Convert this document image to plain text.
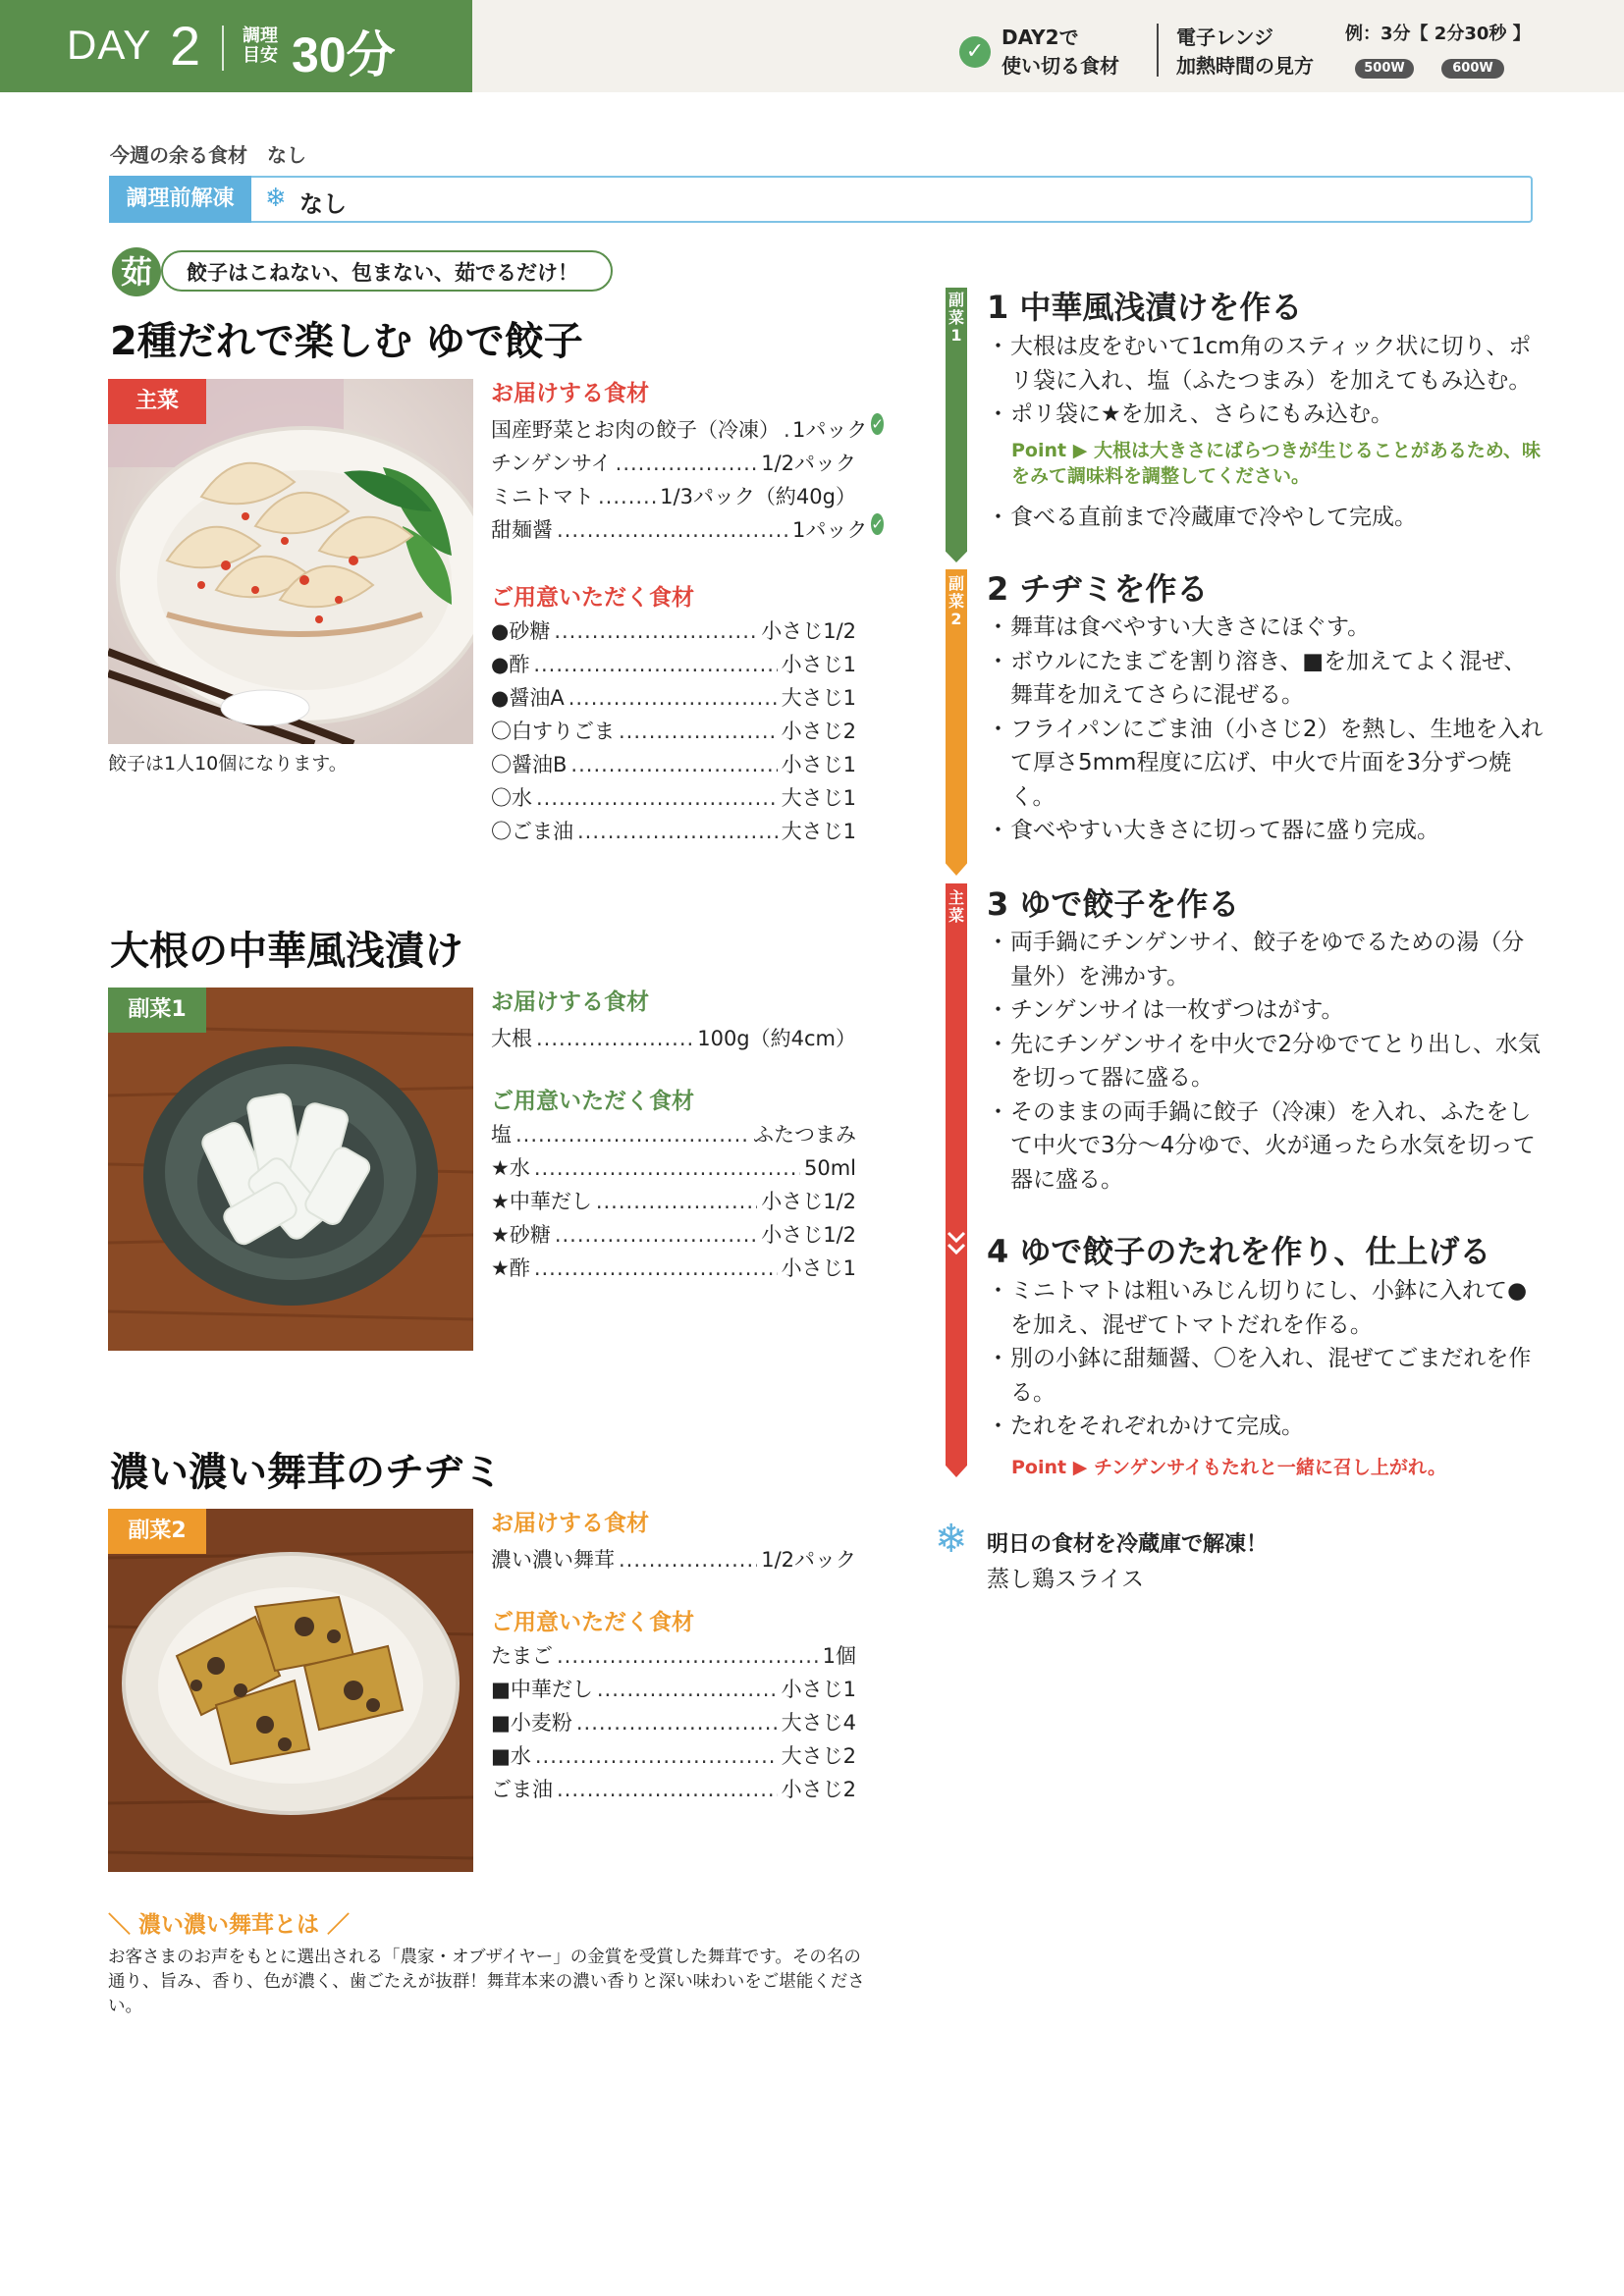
DAY 2 調理
目安 30分	✓
DAY2で
使い切る食材
電子レンジ
加熱時間の見方
例：3分【 2分30秒 】
500W	600W
今週の余る食材　なし
調理前解凍	❄ なし
茹	餃子はこねない、包まない、茹でるだけ！
2種だれで楽しむ ゆで餃子
主菜
餃子は1人10個になります。
お届けする食材
国産野菜とお肉の餃子（冷凍） ..... 1パック ✓
チンゲンサイ .....	1/2パック
ミニトマト .....	1/3パック（約40g）
甜麺醤 .....	1パック ✓
ご用意いただく食材
●砂糖 .....	小さじ1/2
●酢 .....	小さじ1
●醤油A .....	大さじ1
〇白すりごま .....	小さじ2
〇醤油B .....	小さじ1
〇水 .....	大さじ1
〇ごま油 .....	大さじ1
大根の中華風浅漬け
副菜1	お届けする食材
大根 .....	100g（約4cm）
ご用意いただく食材
塩 .....	ふたつまみ
★水 .....	50ml
★中華だし .....	小さじ1/2
★砂糖 .....	小さじ1/2
★酢 .....	小さじ1
濃い濃い舞茸のチヂミ
副菜2	お届けする食材
濃い濃い舞茸 .....	1/2パック
ご用意いただく食材
たまご .....	1個
■中華だし .....	小さじ1
■小麦粉 .....	大さじ4
■水 .....	大さじ2
ごま油 .....	小さじ2
＼ 濃い濃い舞茸とは ／
お客さまのお声をもとに選出される「農家・オブザイヤー」の金賞を受賞した舞茸です。その名の通り、旨み、香り、色が濃く、歯ごたえが抜群！舞茸本来の濃い香りと深い味わいをご堪能ください。
副
菜
1
1 中華風浅漬けを作る
・ 大根は皮をむいて1cm角のスティック状に切り、ポリ袋に入れ、塩（ふたつまみ）を加えてもみ込む。
・ ポリ袋に★を加え、さらにもみ込む。
Point ▶ 大根は大きさにばらつきが生じることがあるため、味をみて調味料を調整してください。
・ 食べる直前まで冷蔵庫で冷やして完成。
副
菜
2
2 チヂミを作る
・ 舞茸は食べやすい大きさにほぐす。
・ ボウルにたまごを割り溶き、■を加えてよく混ぜ、舞茸を加えてさらに混ぜる。
・ フライパンにごま油（小さじ2）を熱し、生地を入れて厚さ5mm程度に広げ、中火で片面を3分ずつ焼く。
・ 食べやすい大きさに切って器に盛り完成。
主
菜 3 ゆで餃子を作る
・ 両手鍋にチンゲンサイ、餃子をゆでるための湯（分量外）を沸かす。
・ チンゲンサイは一枚ずつはがす。
・ 先にチンゲンサイを中火で2分ゆでてとり出し、水気を切って器に盛る。
・ そのままの両手鍋に餃子（冷凍）を入れ、ふたをして中火で3分〜4分ゆで、火が通ったら水気を切って器に盛る。
4 ゆで餃子のたれを作り、仕上げる
・ ミニトマトは粗いみじん切りにし、小鉢に入れて●を加え、混ぜてトマトだれを作る。
・ 別の小鉢に甜麺醤、〇を入れ、混ぜてごまだれを作る。
・ たれをそれぞれかけて完成。
Point ▶ チンゲンサイもたれと一緒に召し上がれ。
❄ 明日の食材を冷蔵庫で解凍！
蒸し鶏スライス
